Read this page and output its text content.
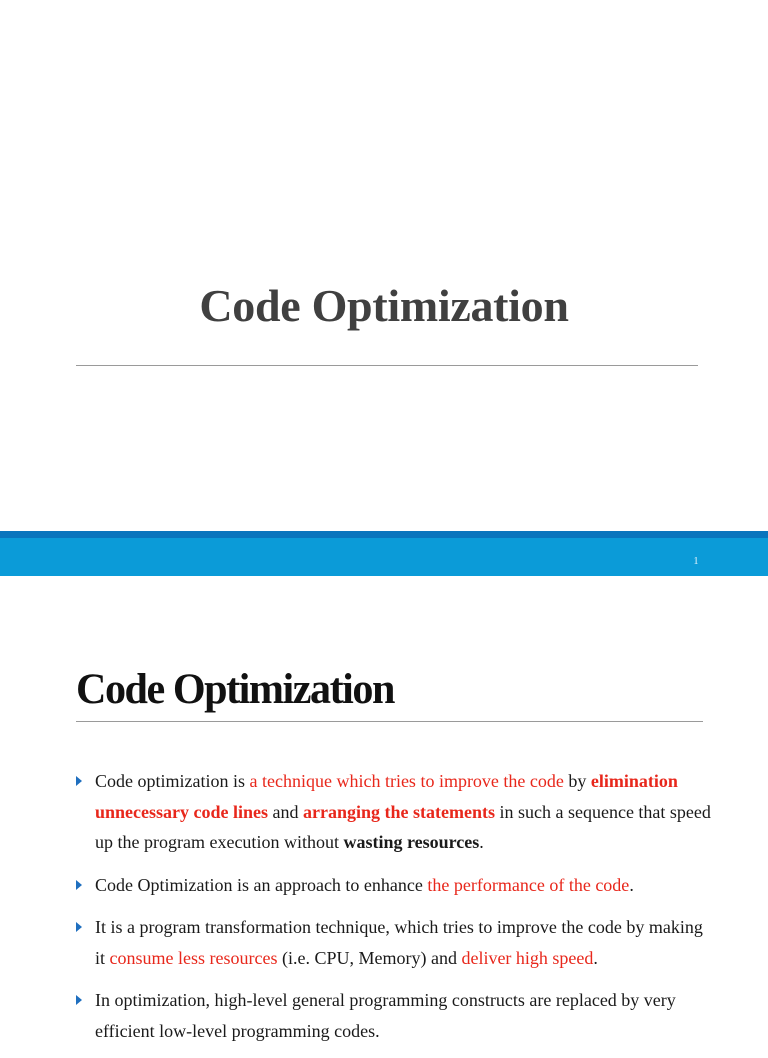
Code Optimization
1
Code Optimization
Code optimization is a technique which tries to improve the code by elimination unnecessary code lines and arranging the statements in such a sequence that speed up the program execution without wasting resources.
Code Optimization is an approach to enhance the performance of the code.
It is a program transformation technique, which tries to improve the code by making it consume less resources (i.e. CPU, Memory) and deliver high speed.
In optimization, high-level general programming constructs are replaced by very efficient low-level programming codes.
